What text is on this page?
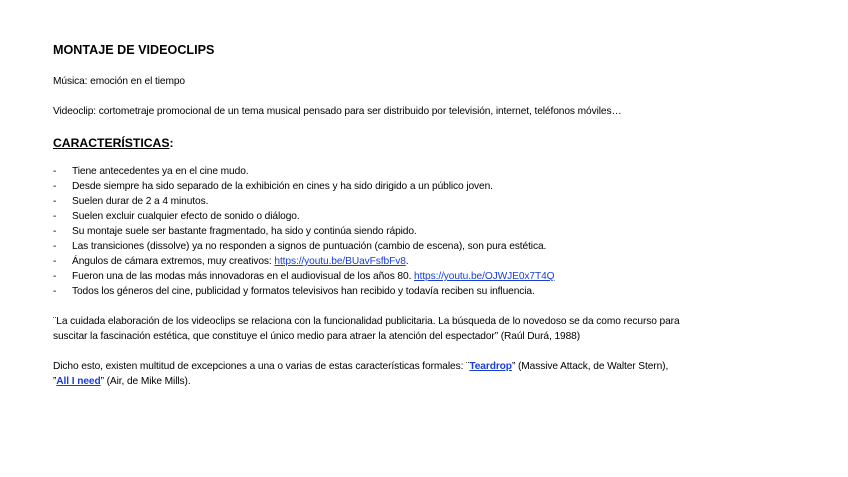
MONTAJE DE VIDEOCLIPS
Música: emoción en el tiempo
Videoclip: cortometraje promocional de un tema musical pensado para ser distribuido por televisión, internet, teléfonos móviles…
CARACTERÍSTICAS:
- Tiene antecedentes ya en el cine mudo.
- Desde siempre ha sido separado de la exhibición en cines y ha sido dirigido a un público joven.
- Suelen durar de 2 a 4 minutos.
- Suelen excluir cualquier efecto de sonido o diálogo.
- Su montaje suele ser bastante fragmentado, ha sido y continúa siendo rápido.
- Las transiciones (dissolve) ya no responden a signos de puntuación (cambio de escena), son pura estética.
- Ángulos de cámara extremos, muy creativos: https://youtu.be/BUavFsfbFv8.
- Fueron una de las modas más innovadoras en el audiovisual de los años 80. https://youtu.be/OJWJE0x7T4Q
- Todos los géneros del cine, publicidad y formatos televisivos han recibido y todavía reciben su influencia.
¨La cuidada elaboración de los videoclips se relaciona con la funcionalidad publicitaria. La búsqueda de lo novedoso se da como recurso para
suscitar la fascinación estética, que constituye el único medio para atraer la atención del espectador” (Raúl Durá, 1988)
Dicho esto, existen multitud de excepciones a una o varias de estas características formales: ¨Teardrop” (Massive Attack, de Walter Stern),
”All I need” (Air, de Mike Mills).
